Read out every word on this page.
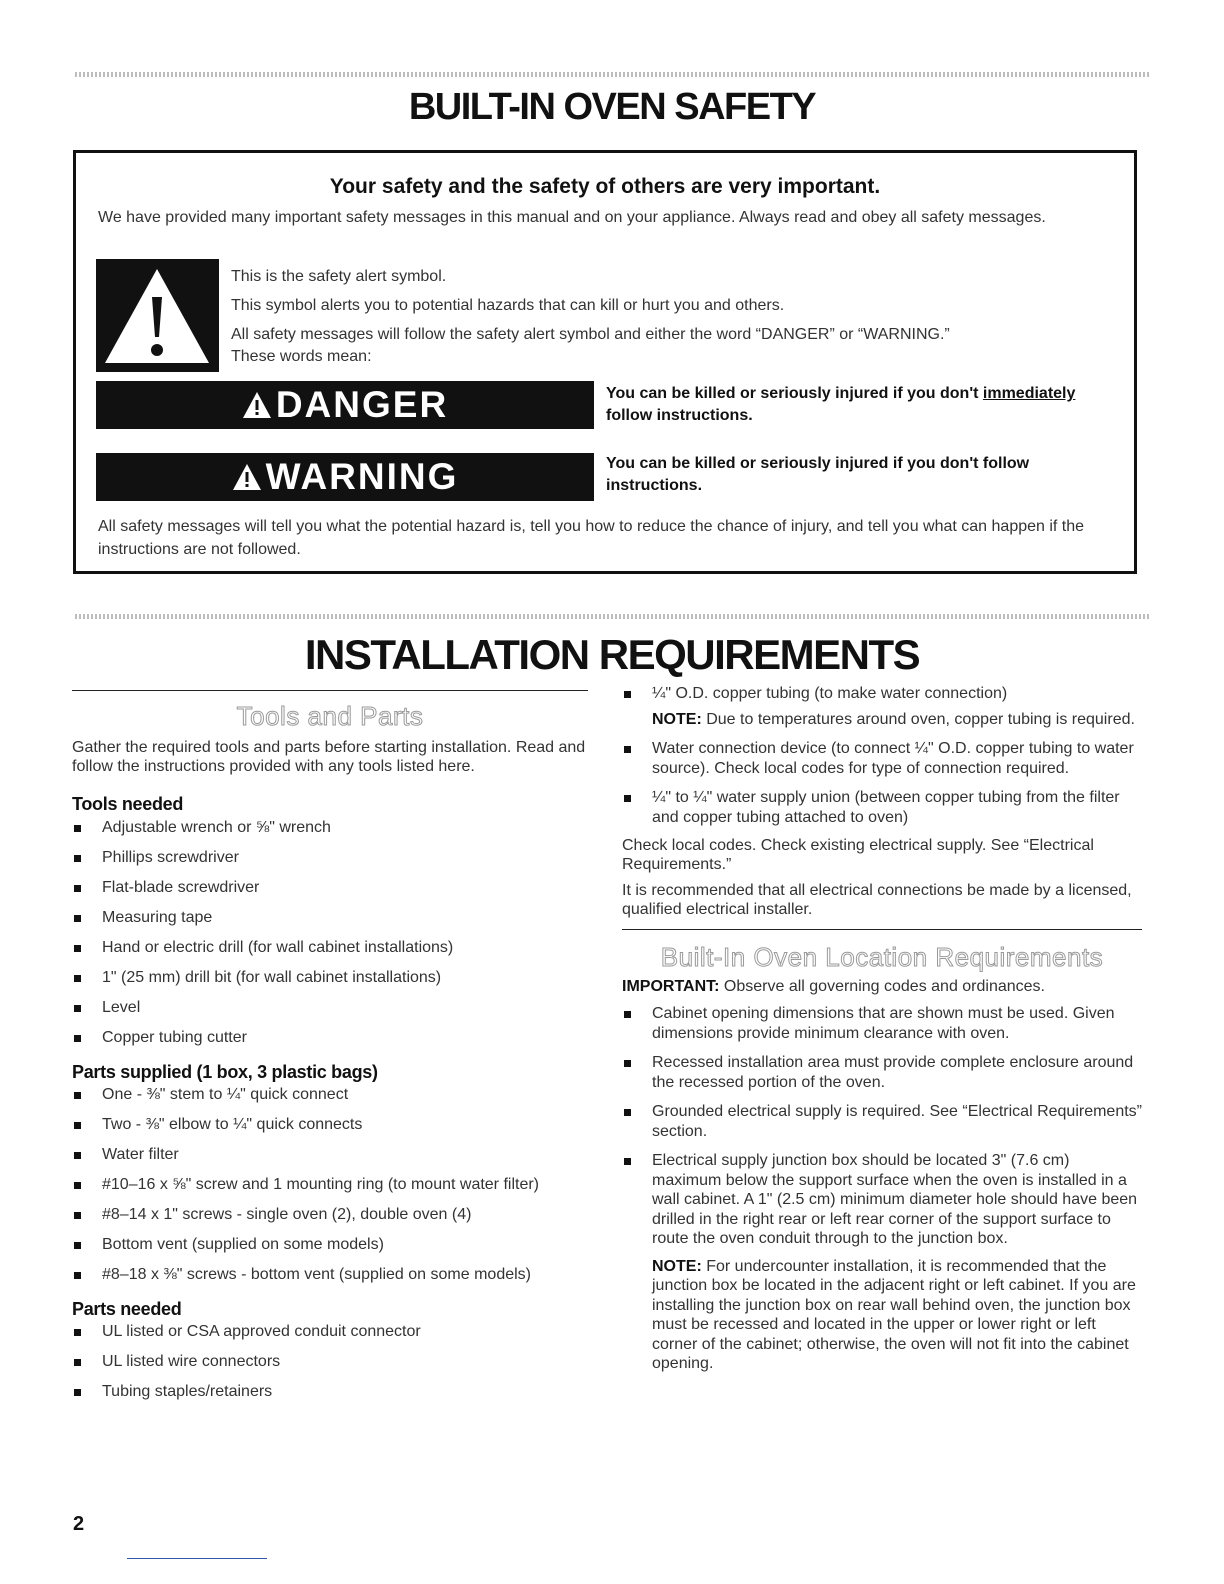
BUILT-IN OVEN SAFETY
Your safety and the safety of others are very important.
We have provided many important safety messages in this manual and on your appliance. Always read and obey all safety messages.
This is the safety alert symbol.
This symbol alerts you to potential hazards that can kill or hurt you and others.
All safety messages will follow the safety alert symbol and either the word “DANGER” or “WARNING.”
These words mean:
DANGER	You can be killed or seriously injured if you don't immediately follow instructions.
WARNING	You can be killed or seriously injured if you don't follow instructions.
All safety messages will tell you what the potential hazard is, tell you how to reduce the chance of injury, and tell you what can happen if the instructions are not followed.
INSTALLATION REQUIREMENTS
Tools and Parts
Gather the required tools and parts before starting installation. Read and follow the instructions provided with any tools listed here.
Tools needed
Adjustable wrench or ⅝" wrench
Phillips screwdriver
Flat-blade screwdriver
Measuring tape
Hand or electric drill (for wall cabinet installations)
1" (25 mm) drill bit (for wall cabinet installations)
Level
Copper tubing cutter
Parts supplied (1 box, 3 plastic bags)
One - ⅜" stem to ¼" quick connect
Two - ⅜" elbow to ¼" quick connects
Water filter
#10–16 x ⅝" screw and 1 mounting ring (to mount water filter)
#8–14 x 1" screws - single oven (2), double oven (4)
Bottom vent (supplied on some models)
#8–18 x ⅜" screws - bottom vent (supplied on some models)
Parts needed
UL listed or CSA approved conduit connector
UL listed wire connectors
Tubing staples/retainers
¼" O.D. copper tubing (to make water connection)
NOTE: Due to temperatures around oven, copper tubing is required.
Water connection device (to connect ¼" O.D. copper tubing to water source). Check local codes for type of connection required.
¼" to ¼" water supply union (between copper tubing from the filter and copper tubing attached to oven)
Check local codes. Check existing electrical supply. See “Electrical Requirements.”
It is recommended that all electrical connections be made by a licensed, qualified electrical installer.
Built-In Oven Location Requirements
IMPORTANT: Observe all governing codes and ordinances.
Cabinet opening dimensions that are shown must be used. Given dimensions provide minimum clearance with oven.
Recessed installation area must provide complete enclosure around the recessed portion of the oven.
Grounded electrical supply is required. See “Electrical Requirements” section.
Electrical supply junction box should be located 3" (7.6 cm) maximum below the support surface when the oven is installed in a wall cabinet. A 1" (2.5 cm) minimum diameter hole should have been drilled in the right rear or left rear corner of the support surface to route the oven conduit through to the junction box.
NOTE: For undercounter installation, it is recommended that the junction box be located in the adjacent right or left cabinet. If you are installing the junction box on rear wall behind oven, the junction box must be recessed and located in the upper or lower right or left corner of the cabinet; otherwise, the oven will not fit into the cabinet opening.
2
